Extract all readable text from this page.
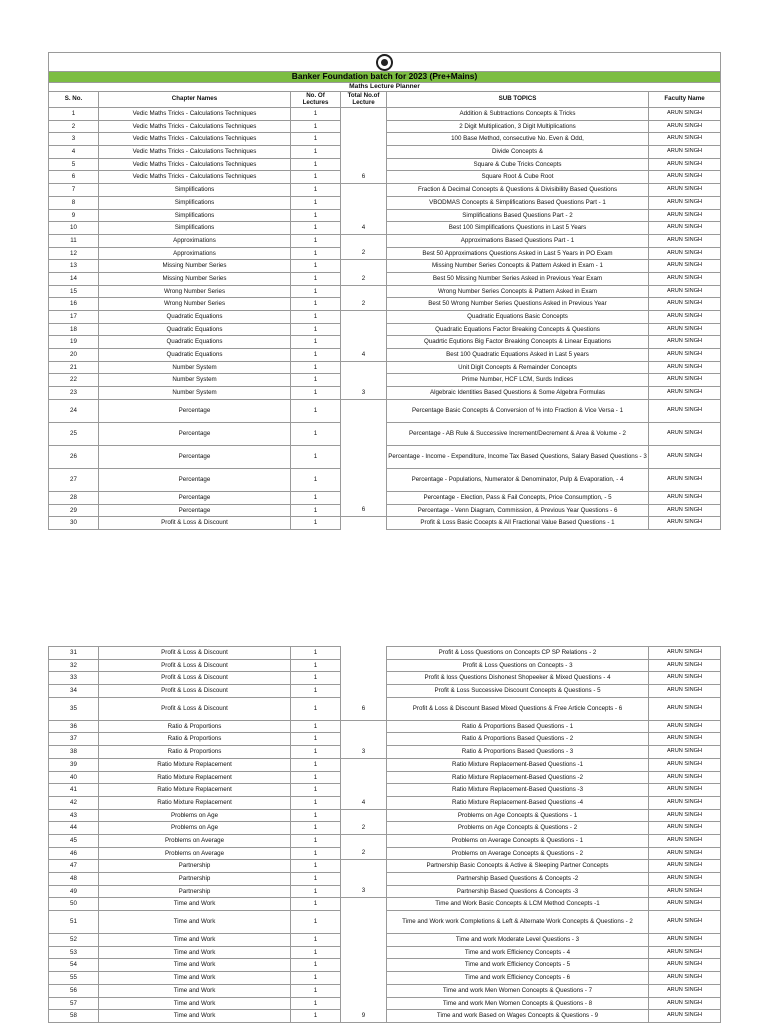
Banker Foundation batch for 2023 (Pre+Mains)					
Maths Lecture Planner					
S. No.	Chapter Names	No. Of Lectures	Total No.of Lecture	SUB TOPICS	Faculty Name
1	Vedic Maths Tricks - Calculations Techniques	1		Addition & Subtractions Concepts & Tricks	ARUN SINGH
2	Vedic Maths Tricks - Calculations Techniques	1		2 Digit Multiplication, 3 Digit Multiplications	ARUN SINGH
3	Vedic Maths Tricks - Calculations Techniques	1		100 Base Method, consecutive No. Even & Odd,	ARUN SINGH
4	Vedic Maths Tricks - Calculations Techniques	1		Divide Concepts &	ARUN SINGH
5	Vedic Maths Tricks - Calculations Techniques	1		Square & Cube Tricks Concepts	ARUN SINGH
6	Vedic Maths Tricks - Calculations Techniques	1	6	Square Root & Cube Root	ARUN SINGH
7	Simplifications	1		Fraction & Decimal Concepts & Questions & Divisibility Based Questions	ARUN SINGH
8	Simplifications	1		VBODMAS Concepts & Simplifications Based Questions Part - 1	ARUN SINGH
9	Simplifications	1		Simplifications Based Questions Part - 2	ARUN SINGH
10	Simplifications	1	4	Best 100 Simplifications Questions in Last 5 Years	ARUN SINGH
11	Approximations	1		Approximations Based Questions Part - 1	ARUN SINGH
12	Approximations	1	2	Best 50 Approximations Questions Asked in Last 5 Years in PO Exam	ARUN SINGH
13	Missing Number Series	1		Missing Number Series Concepts & Pattern Asked in Exam - 1	ARUN SINGH
14	Missing Number Series	1	2	Best 50 Missing Number Series Asked in Previous Year Exam	ARUN SINGH
15	Wrong Number Series	1		Wrong Number Series Concepts & Pattern Asked in Exam	ARUN SINGH
16	Wrong Number Series	1	2	Best 50 Wrong Number Series Questions Asked in Previous Year	ARUN SINGH
17	Quadratic Equations	1		Quadratic Equations Basic Concepts	ARUN SINGH
18	Quadratic Equations	1		Quadratic Equations Factor Breaking Concepts & Questions	ARUN SINGH
19	Quadratic Equations	1		Quadrtic Equtions Big Factor Breaking Concepts & Linear Equations	ARUN SINGH
20	Quadratic Equations	1	4	Best 100 Quadratic Equations Asked in Last 5 years	ARUN SINGH
21	Number System	1		Unit Digit Concepts & Remainder Concepts	ARUN SINGH
22	Number System	1		Prime Number, HCF LCM, Surds Indices	ARUN SINGH
23	Number System	1	3	Algebraic Identities Based Questions & Some Algebra Formulas	ARUN SINGH
24	Percentage	1		Percentage Basic Concepts & Conversion of % into Fraction & Vice Versa - 1	ARUN SINGH
25	Percentage	1		Percentage - AB Rule & Successive Increment/Decrement & Area & Volume - 2	ARUN SINGH
26	Percentage	1		Percentage - Income - Expenditure, Income Tax Based Questions, Salary Based Questions - 3	ARUN SINGH
27	Percentage	1		Percentage - Populations, Numerator & Denominator, Pulp & Evaporation, - 4	ARUN SINGH
28	Percentage	1		Percentage - Election, Pass & Fail Concepts, Price Consumption, - 5	ARUN SINGH
29	Percentage	1	6	Percentage - Venn Diagram, Commission, & Previous Year Questions - 6	ARUN SINGH
30	Profit & Loss & Discount	1		Profit & Loss Basic Cocepts & All Fractional Value Based Questions - 1	ARUN SINGH
31	Profit & Loss & Discount	1		Profit & Loss Questions on Concepts CP SP Relations - 2	ARUN SINGH
32	Profit & Loss & Discount	1		Profit & Loss Questions on Concepts - 3	ARUN SINGH
33	Profit & Loss & Discount	1		Profit & loss Questions Dishonest Shopeeker & Mixed Questions - 4	ARUN SINGH
34	Profit & Loss & Discount	1		Profit & Loss Successive Discount Concepts & Questions - 5	ARUN SINGH
35	Profit & Loss & Discount	1	6	Profit & Loss & Discount Based Mixed Questions & Free Article Concepts - 6	ARUN SINGH
36	Ratio & Proportions	1		Ratio & Proportions Based Questions - 1	ARUN SINGH
37	Ratio & Proportions	1		Ratio & Proportions Based Questions - 2	ARUN SINGH
38	Ratio & Proportions	1	3	Ratio & Proportions Based Questions - 3	ARUN SINGH
39	Ratio Mixture Replacement	1		Ratio Mixture Replacement-Based Questions -1	ARUN SINGH
40	Ratio Mixture Replacement	1		Ratio Mixture Replacement-Based Questions -2	ARUN SINGH
41	Ratio Mixture Replacement	1		Ratio Mixture Replacement-Based Questions -3	ARUN SINGH
42	Ratio Mixture Replacement	1	4	Ratio Mixture Replacement-Based Questions -4	ARUN SINGH
43	Problems on Age	1		Problems on Age Concepts & Questions - 1	ARUN SINGH
44	Problems on Age	1	2	Problems on Age Concepts & Questions - 2	ARUN SINGH
45	Problems on Average	1		Problems on Average Concepts & Questions - 1	ARUN SINGH
46	Problems on Average	1	2	Problems on Average Concepts & Questions - 2	ARUN SINGH
47	Partnership	1		Partnership Basic Concepts & Active & Sleeping Partner Concepts	ARUN SINGH
48	Partnership	1		Partnership Based Questions & Concepts -2	ARUN SINGH
49	Partnership	1	3	Partnership Based Questions & Concepts -3	ARUN SINGH
50	Time and Work	1		Time and Work Basic Concepts & LCM Method Concepts -1	ARUN SINGH
51	Time and Work	1		Time and Work work Completions & Left & Alternate Work Concepts & Questions - 2	ARUN SINGH
52	Time and Work	1		Time and work Moderate Level Questions - 3	ARUN SINGH
53	Time and Work	1		Time and work Efficiency Concepts - 4	ARUN SINGH
54	Time and Work	1		Time and work Efficiency Concepts - 5	ARUN SINGH
55	Time and Work	1		Time and work Efficiency Concepts - 6	ARUN SINGH
56	Time and Work	1		Time and work Men Women Concepts & Questions - 7	ARUN SINGH
57	Time and Work	1		Time and work Men Women Concepts & Questions - 8	ARUN SINGH
58	Time and Work	1	9	Time and work Based on Wages Concepts & Questions - 9	ARUN SINGH
